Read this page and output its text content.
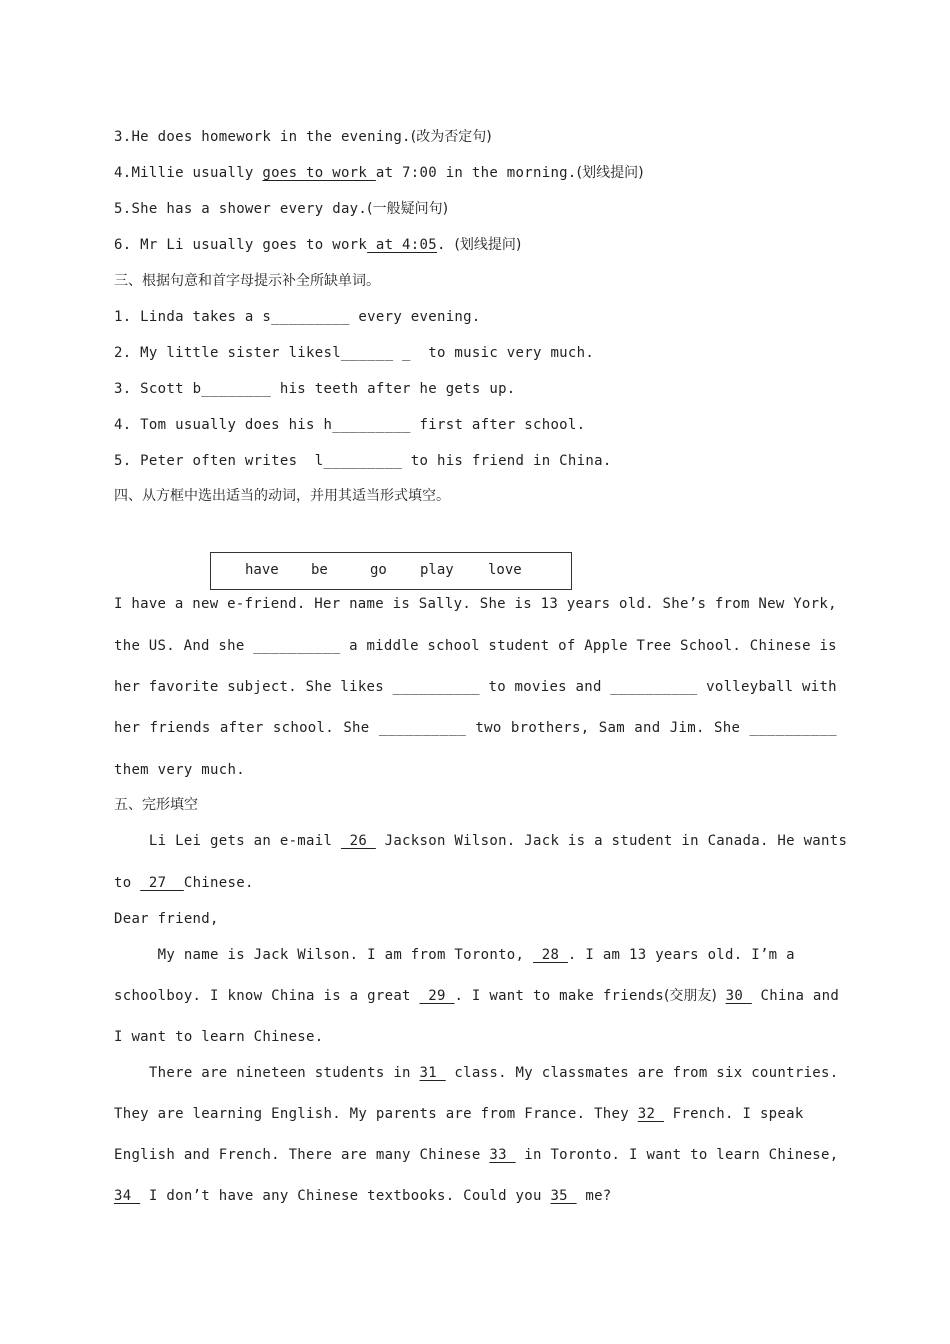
3.He does homework in the evening.(改为否定句)
4.Millie usually goes to work at 7:00 in the morning.(划线提问)
5.She has a shower every day.(一般疑问句)
6. Mr Li usually goes to work at 4:05. (划线提问)
三、根据句意和首字母提示补全所缺单词。
1. Linda takes a s_________ every evening.
2. My little sister likesl______ _  to music very much.
3. Scott b________ his teeth after he gets up.
4. Tom usually does his h_________ first after school.
5. Peter often writes  l_________ to his friend in China.
四、从方框中选出适当的动词，并用其适当形式填空。
have be	go play love
I have a new e-friend. Her name is Sally. She is 13 years old. She’s from New York,
the US. And she __________ a middle school student of Apple Tree School. Chinese is
her favorite subject. She likes __________ to movies and __________ volleyball with
her friends after school. She __________ two brothers, Sam and Jim. She __________
them very much.
五、完形填空
Li Lei gets an e-mail  26  Jackson Wilson. Jack is a student in Canada. He wants
to  27  Chinese.
Dear friend,
My name is Jack Wilson. I am from Toronto,  28 . I am 13 years old. I’m a
schoolboy. I know China is a great  29 . I want to make friends(交朋友) 30  China and
I want to learn Chinese.
There are nineteen students in 31  class. My classmates are from six countries.
They are learning English. My parents are from France. They 32  French. I speak
English and French. There are many Chinese 33  in Toronto. I want to learn Chinese,
34  I don’t have any Chinese textbooks. Could you 35  me?
